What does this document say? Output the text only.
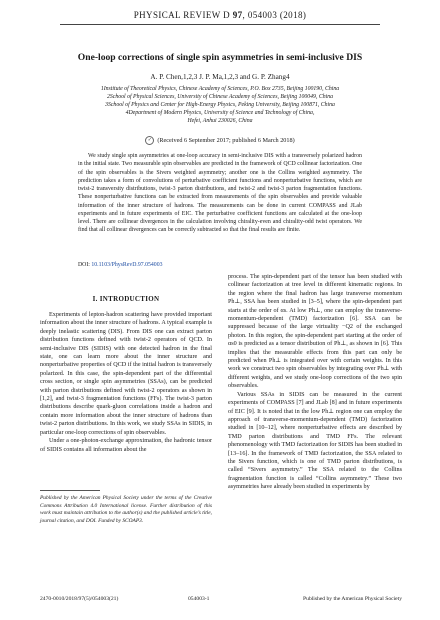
PHYSICAL REVIEW D 97, 054003 (2018)
One-loop corrections of single spin asymmetries in semi-inclusive DIS
A. P. Chen,1,2,3 J. P. Ma,1,2,3 and G. P. Zhang4
1Institute of Theoretical Physics, Chinese Academy of Sciences, P.O. Box 2735, Beijing 100190, China
2School of Physical Sciences, University of Chinese Academy of Sciences, Beijing 100049, China
3School of Physics and Center for High-Energy Physics, Peking University, Beijing 100871, China
4Department of Modern Physics, University of Science and Technology of China,
Hefei, Anhui 230026, China
✓ (Received 6 September 2017; published 6 March 2018)
We study single spin asymmetries at one-loop accuracy in semi-inclusive DIS with a transversely polarized hadron in the initial state. Two measurable spin observables are predicted in the framework of QCD collinear factorization. One of the spin observables is the Sivers weighted asymmetry; another one is the Collins weighted asymmetry. The prediction takes a form of convolutions of perturbative coefficient functions and nonperturbative functions, which are twist-2 transversity distributions, twist-3 parton distributions, and twist-2 and twist-3 parton fragmentation functions. These nonperturbative functions can be extracted from measurements of the spin observables and provide valuable information of the inner structure of hadrons. The measurements can be done in current COMPASS and JLab experiments and in future experiments of EIC. The perturbative coefficient functions are calculated at the one-loop level. There are collinear divergences in the calculation involving chirality-even and chirality-odd twist operators. We find that all collinear divergences can be correctly subtracted so that the final results are finite.
DOI: 10.1103/PhysRevD.97.054003
I. INTRODUCTION

Experiments of lepton-hadron scattering have provided important information about the inner structure of hadrons. A typical example is deeply inelastic scattering (DIS). From DIS one can extract parton distribution functions defined with twist-2 operators of QCD. In semi-inclusive DIS (SIDIS) with one detected hadron in the final state, one can learn more about the inner structure and nonperturbative properties of QCD if the initial hadron is transversely polarized. In this case, the spin-dependent part of the differential cross section, or single spin asymmetries (SSAs), can be predicted with parton distributions defined with twist-2 operators as shown in [1,2], and twist-3 fragmentation functions (FFs). The twist-3 parton distributions describe quark-gluon correlations inside a hadron and contain more information about the inner structure of hadrons than twist-2 parton distributions. In this work, we study SSAs in SIDIS, in particular one-loop corrections of spin observables.

Under a one-photon-exchange approximation, the hadronic tensor of SIDIS contains all information about the

Published by the American Physical Society under the terms of the Creative Commons Attribution 4.0 International license. Further distribution of this work must maintain attribution to the author(s) and the published article’s title, journal citation, and DOI. Funded by SCOAP3.

process. The spin-dependent part of the tensor has been studied with collinear factorization at tree level in different kinematic regions. In the region where the final hadron has large transverse momentum Ph⊥, SSA has been studied in [3–5], where the spin-dependent part starts at the order of αs. At low Ph⊥, one can employ the transverse-momentum-dependent (TMD) factorization [6]. SSA can be suppressed because of the large virtuality −Q2 of the exchanged photon. In this region, the spin-dependent part starting at the order of αs0 is predicted as a tensor distribution of Ph⊥, as shown in [6]. This implies that the measurable effects from this part can only be predicted when Ph⊥ is integrated over with certain weights. In this work we construct two spin observables by integrating over Ph⊥ with different weights, and we study one-loop corrections of the two spin observables.

Various SSAs in SIDIS can be measured in the current experiments of COMPASS [7] and JLab [8] and in future experiments of EIC [9]. It is noted that in the low Ph⊥ region one can employ the approach of transverse-momentum-dependent (TMD) factorization studied in [10–12], where nonperturbative effects are described by TMD parton distributions and TMD FFs. The relevant phenomenology with TMD factorization for SIDIS has been studied in [13–16]. In the framework of TMD factorization, the SSA related to the Sivers function, which is one of TMD parton distributions, is called “Sivers asymmetry.” The SSA related to the Collins fragmentation function is called “Collins asymmetry.” These two asymmetries have already been studied in experiments by

2470-0010/2018/97(5)/054003(21)	054003-1	Published by the American Physical Society
